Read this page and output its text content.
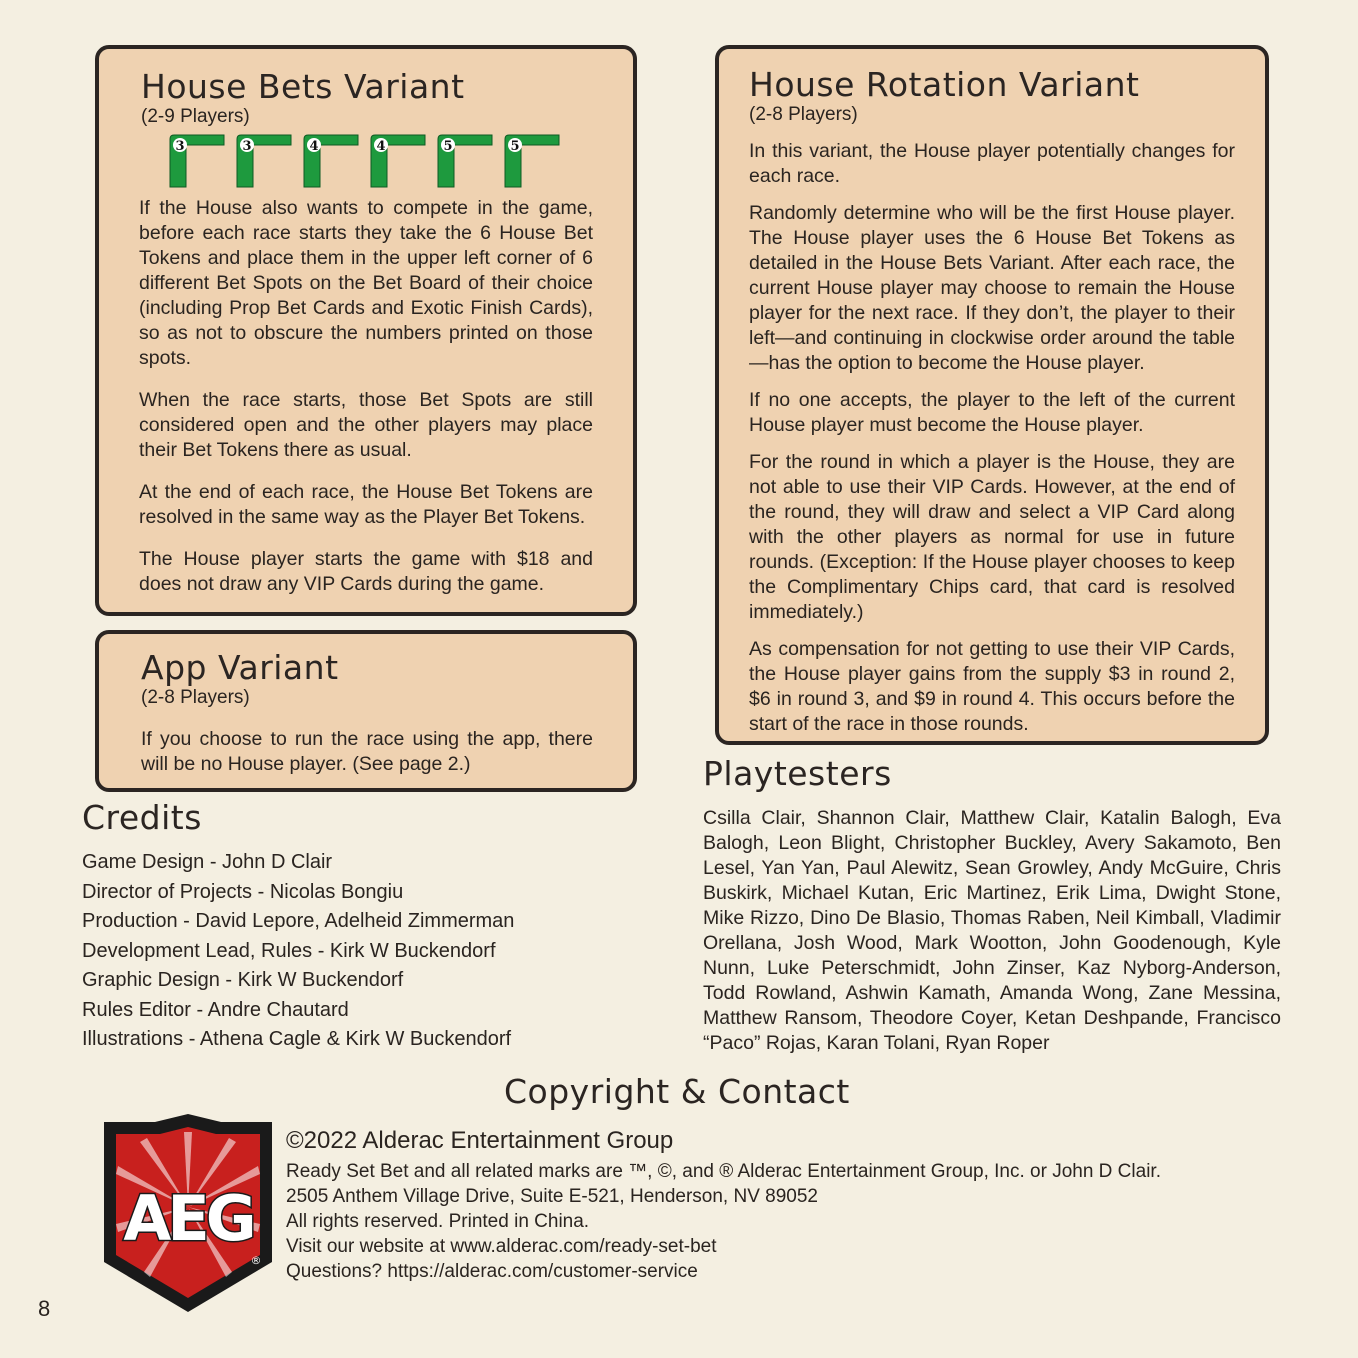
House Bets Variant
(2-9 Players)
3	3	4	4	5	5

If the House also wants to compete in the game, before each race starts they take the 6 House Bet Tokens and place them in the upper left corner of 6 different Bet Spots on the Bet Board of their choice (including Prop Bet Cards and Exotic Finish Cards), so as not to obscure the numbers printed on those spots.

When the race starts, those Bet Spots are still considered open and the other players may place their Bet Tokens there as usual.

At the end of each race, the House Bet Tokens are resolved in the same way as the Player Bet Tokens.

The House player starts the game with $18 and does not draw any VIP Cards during the game.

App Variant
(2-8 Players)

If you choose to run the race using the app, there will be no House player. (See page 2.)

House Rotation Variant
(2-8 Players)

In this variant, the House player potentially changes for each race.

Randomly determine who will be the first House player. The House player uses the 6 House Bet Tokens as detailed in the House Bets Variant. After each race, the current House player may choose to remain the House player for the next race. If they don’t, the player to their left—and continuing in clockwise order around the table—has the option to become the House player.

If no one accepts, the player to the left of the current House player must become the House player.

For the round in which a player is the House, they are not able to use their VIP Cards. However, at the end of the round, they will draw and select a VIP Card along with the other players as normal for use in future rounds. (Exception: If the House player chooses to keep the Complimentary Chips card, that card is resolved immediately.)

As compensation for not getting to use their VIP Cards, the House player gains from the supply $3 in round 2, $6 in round 3, and $9 in round 4. This occurs before the start of the race in those rounds.

Playtesters

Csilla Clair, Shannon Clair, Matthew Clair, Katalin Balogh, Eva Balogh, Leon Blight, Christopher Buckley, Avery Sakamoto, Ben Lesel, Yan Yan, Paul Alewitz, Sean Growley, Andy McGuire, Chris Buskirk, Michael Kutan, Eric Martinez, Erik Lima, Dwight Stone, Mike Rizzo, Dino De Blasio, Thomas Raben, Neil Kimball, Vladimir Orellana, Josh Wood, Mark Wootton, John Goodenough, Kyle Nunn, Luke Peterschmidt, John Zinser, Kaz Nyborg-Anderson, Todd Rowland, Ashwin Kamath, Amanda Wong, Zane Messina, Matthew Ransom, Theodore Coyer, Ketan Deshpande, Francisco “Paco” Rojas, Karan Tolani, Ryan Roper

Credits
Game Design - John D Clair
Director of Projects - Nicolas Bongiu
Production - David Lepore, Adelheid Zimmerman
Development Lead, Rules - Kirk W Buckendorf
Graphic Design - Kirk W Buckendorf
Rules Editor - Andre Chautard
Illustrations - Athena Cagle & Kirk W Buckendorf
Copyright & Contact
AEG
®
©2022 Alderac Entertainment Group
Ready Set Bet and all related marks are ™, ©, and ® Alderac Entertainment Group, Inc. or John D Clair.
2505 Anthem Village Drive, Suite E-521, Henderson, NV 89052
All rights reserved. Printed in China.
Visit our website at www.alderac.com/ready-set-bet
Questions? https://alderac.com/customer-service
8
